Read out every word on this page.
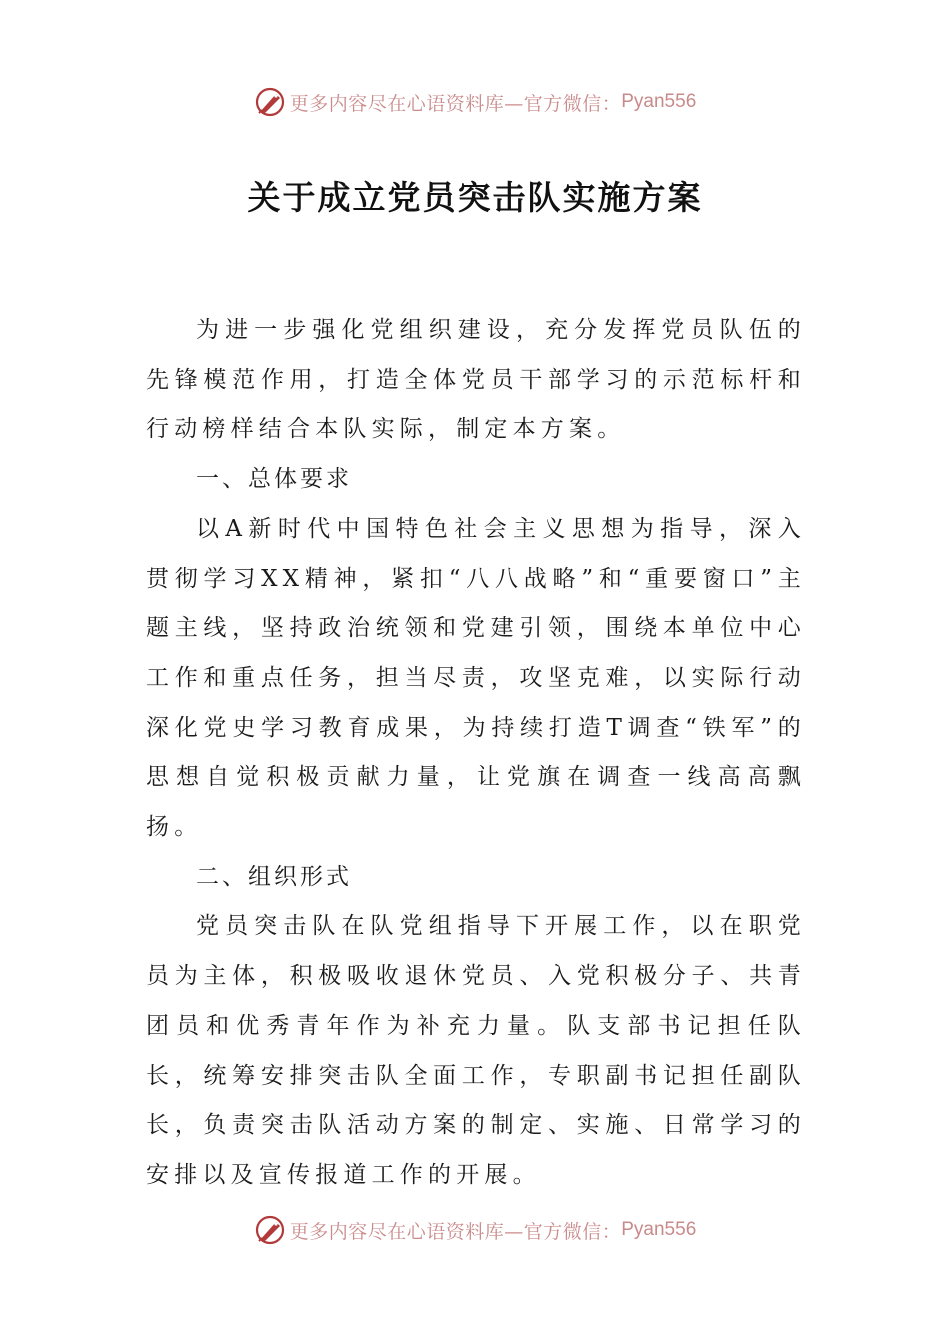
更多内容尽在心语资料库—官方微信： Pyan556
关于成立党员突击队实施方案

为进一步强化党组织建设，充分发挥党员队伍的先锋模范作用，打造全体党员干部学习的示范标杆和行动榜样结合本队实际，制定本方案。

一、总体要求

以A新时代中国特色社会主义思想为指导，深入贯彻学习XX精神，紧扣“八八战略”和“重要窗口”主题主线，坚持政治统领和党建引领，围绕本单位中心工作和重点任务，担当尽责，攻坚克难，以实际行动深化党史学习教育成果，为持续打造T调查“铁军”的思想自觉积极贡献力量，让党旗在调查一线高高飘扬。

二、组织形式

党员突击队在队党组指导下开展工作，以在职党员为主体，积极吸收退休党员、入党积极分子、共青团员和优秀青年作为补充力量。队支部书记担任队长，统筹安排突击队全面工作，专职副书记担任副队长，负责突击队活动方案的制定、实施、日常学习的安排以及宣传报道工作的开展。

更多内容尽在心语资料库—官方微信： Pyan556
